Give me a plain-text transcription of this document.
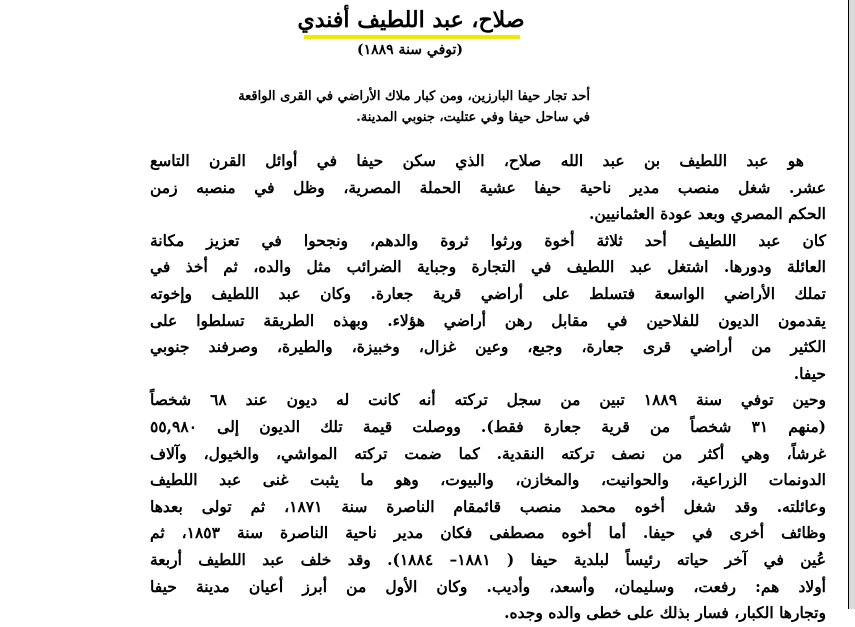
صلاح، عبد اللطيف أفندي
(توفي سنة ١٨٨٩)
أحد تجار حيفا البارزين، ومن كبار ملاك الأراضي في القرى الواقعة
في ساحل حيفا وفي عتليت، جنوبي المدينة.
هو عبد اللطيف بن عبد الله صلاح، الذي سكن حيفا في أوائل القرن التاسع
عشر. شغل منصب مدير ناحية حيفا عشية الحملة المصرية، وظل في منصبه زمن
الحكم المصري وبعد عودة العثمانيين.
كان عبد اللطيف أحد ثلاثة أخوة ورثوا ثروة والدهم، ونجحوا في تعزيز مكانة
العائلة ودورها. اشتغل عبد اللطيف في التجارة وجباية الضرائب مثل والده، ثم أخذ في
تملك الأراضي الواسعة فتسلط على أراضي قرية جعارة. وكان عبد اللطيف وإخوته
يقدمون الديون للفلاحين في مقابل رهن أراضي هؤلاء. وبهذه الطريقة تسلطوا على
الكثير من أراضي قرى جعارة، وجبع، وعين غزال، وخبيزة، والطيرة، وصرفند جنوبي
حيفا.
وحين توفي سنة ١٨٨٩ تبين من سجل تركته أنه كانت له ديون عند ٦٨ شخصاً
(منهم ٣١ شخصاً من قرية جعارة فقط). ووصلت قيمة تلك الديون إلى ٥٥,٩٨٠
غرشاً، وهي أكثر من نصف تركته النقدية. كما ضمت تركته المواشي، والخيول، وآلاف
الدونمات الزراعية، والحوانيت، والمخازن، والبيوت، وهو ما يثبت غنى عبد اللطيف
وعائلته. وقد شغل أخوه محمد منصب قائمقام الناصرة سنة ١٨٧١، ثم تولى بعدها
وظائف أخرى في حيفا. أما أخوه مصطفى فكان مدير ناحية الناصرة سنة ١٨٥٣، ثم
عُين في آخر حياته رئيساً لبلدية حيفا ( ١٨٨١– ١٨٨٤). وقد خلف عبد اللطيف أربعة
أولاد هم: رفعت، وسليمان، وأسعد، وأديب. وكان الأول من أبرز أعيان مدينة حيفا
وتجارها الكبار، فسار بذلك على خطى والده وجده.
